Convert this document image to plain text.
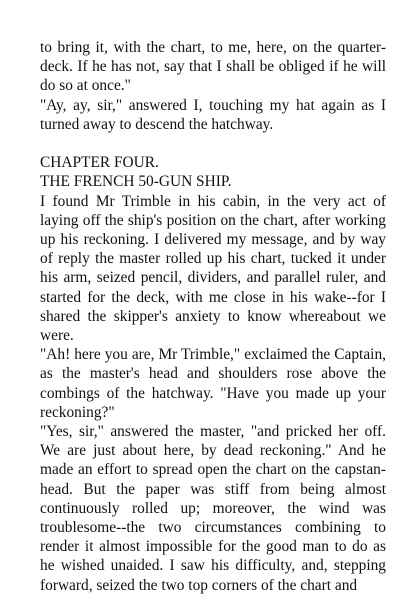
to bring it, with the chart, to me, here, on the quarter-deck. If he has not, say that I shall be obliged if he will do so at once."

"Ay, ay, sir," answered I, touching my hat again as I turned away to descend the hatchway.

CHAPTER FOUR.

THE FRENCH 50-GUN SHIP.

I found Mr Trimble in his cabin, in the very act of laying off the ship's position on the chart, after working up his reckoning. I delivered my message, and by way of reply the master rolled up his chart, tucked it under his arm, seized pencil, dividers, and parallel ruler, and started for the deck, with me close in his wake--for I shared the skipper's anxiety to know whereabout we were.

"Ah! here you are, Mr Trimble," exclaimed the Captain, as the master's head and shoulders rose above the combings of the hatchway. "Have you made up your reckoning?"

"Yes, sir," answered the master, "and pricked her off. We are just about here, by dead reckoning." And he made an effort to spread open the chart on the capstan-head. But the paper was stiff from being almost continuously rolled up; moreover, the wind was troublesome--the two circumstances combining to render it almost impossible for the good man to do as he wished unaided. I saw his difficulty, and, stepping forward, seized the two top corners of the chart and
